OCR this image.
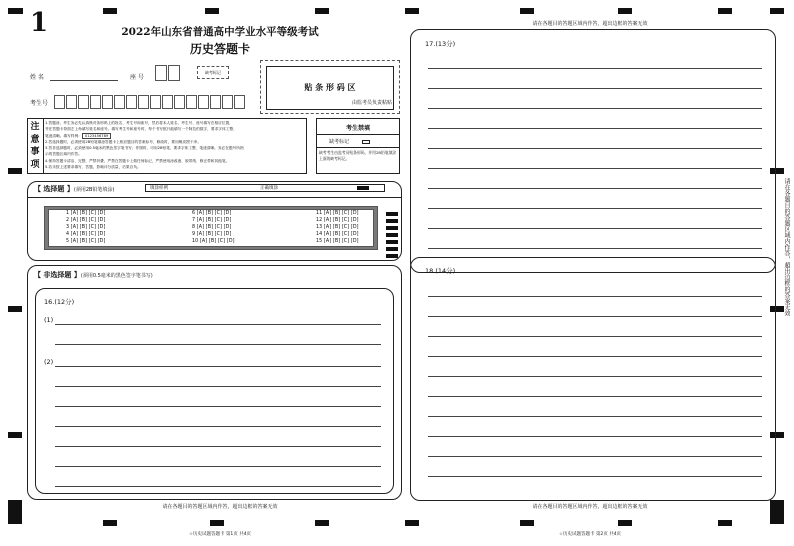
1	2022年山东省普通高中学业水平等级考试
历史答题卡
姓 名	座 号
缺考标记
考生号
贴 条 形 码 区
由监考员负责粘贴
注
意
事
项
1.答题前，考生务必先认真核对条形码上的姓名、考生号和座号，然后将本人姓名、考生号、座号填写在相应位置，
并在答题卡背面左上角填写姓名和座号。填写考生号和座号时，每个书写框只能填写一个阿拉伯数字，要求字体工整、
笔迹清晰。填写样例： 0123456789
2.答选择题时，必须使用2B铅笔填涂答题卡上相应题目的答案标号，修改时，要用橡皮擦干净。
3.答非选择题时，必须使用0.5毫米的黑色签字笔书写；作图时，可用2B铅笔，要求字体工整、笔迹清晰。务必在题号所指
示的答题区域内作答。
4.保持答题卡清洁、完整，严禁折叠，严禁在答题卡上做任何标记，严禁使用涂改液、胶带纸、修正带和其他笔。
5.若未按上述要求填写、答题，影响评分质量，后果自负。
考生禁填
缺考标记
缺考考生由监考员贴条形码，并用2B铅笔填涂上面的缺考标记。
【 选择题 】(须用2B铅笔填涂)	填涂样例	正确填涂
1 [A] [B] [C] [D]	6 [A] [B] [C] [D]	11 [A] [B] [C] [D]
2 [A] [B] [C] [D]	7 [A] [B] [C] [D]	12 [A] [B] [C] [D]
3 [A] [B] [C] [D]	8 [A] [B] [C] [D]	13 [A] [B] [C] [D]
4 [A] [B] [C] [D]	9 [A] [B] [C] [D]	14 [A] [B] [C] [D]
5 [A] [B] [C] [D]	10 [A] [B] [C] [D]	15 [A] [B] [C] [D]
【 非选择题 】(须用0.5毫米的黑色签字笔书写)
16.(12分)
(1)
(2)
请在各题目的答题区域内作答，超出边框的答案无效
☆历史试题答题卡 第1页 共4页
请在各题目的答题区域内作答，超出边框的答案无效
17.(13分)
18.(14分)
请在各题目的答题区域内作答，超出边框的答案无效
☆历史试题答题卡 第2页 共4页
请在各题目的答题区域内作答，超出边框的答案无效
